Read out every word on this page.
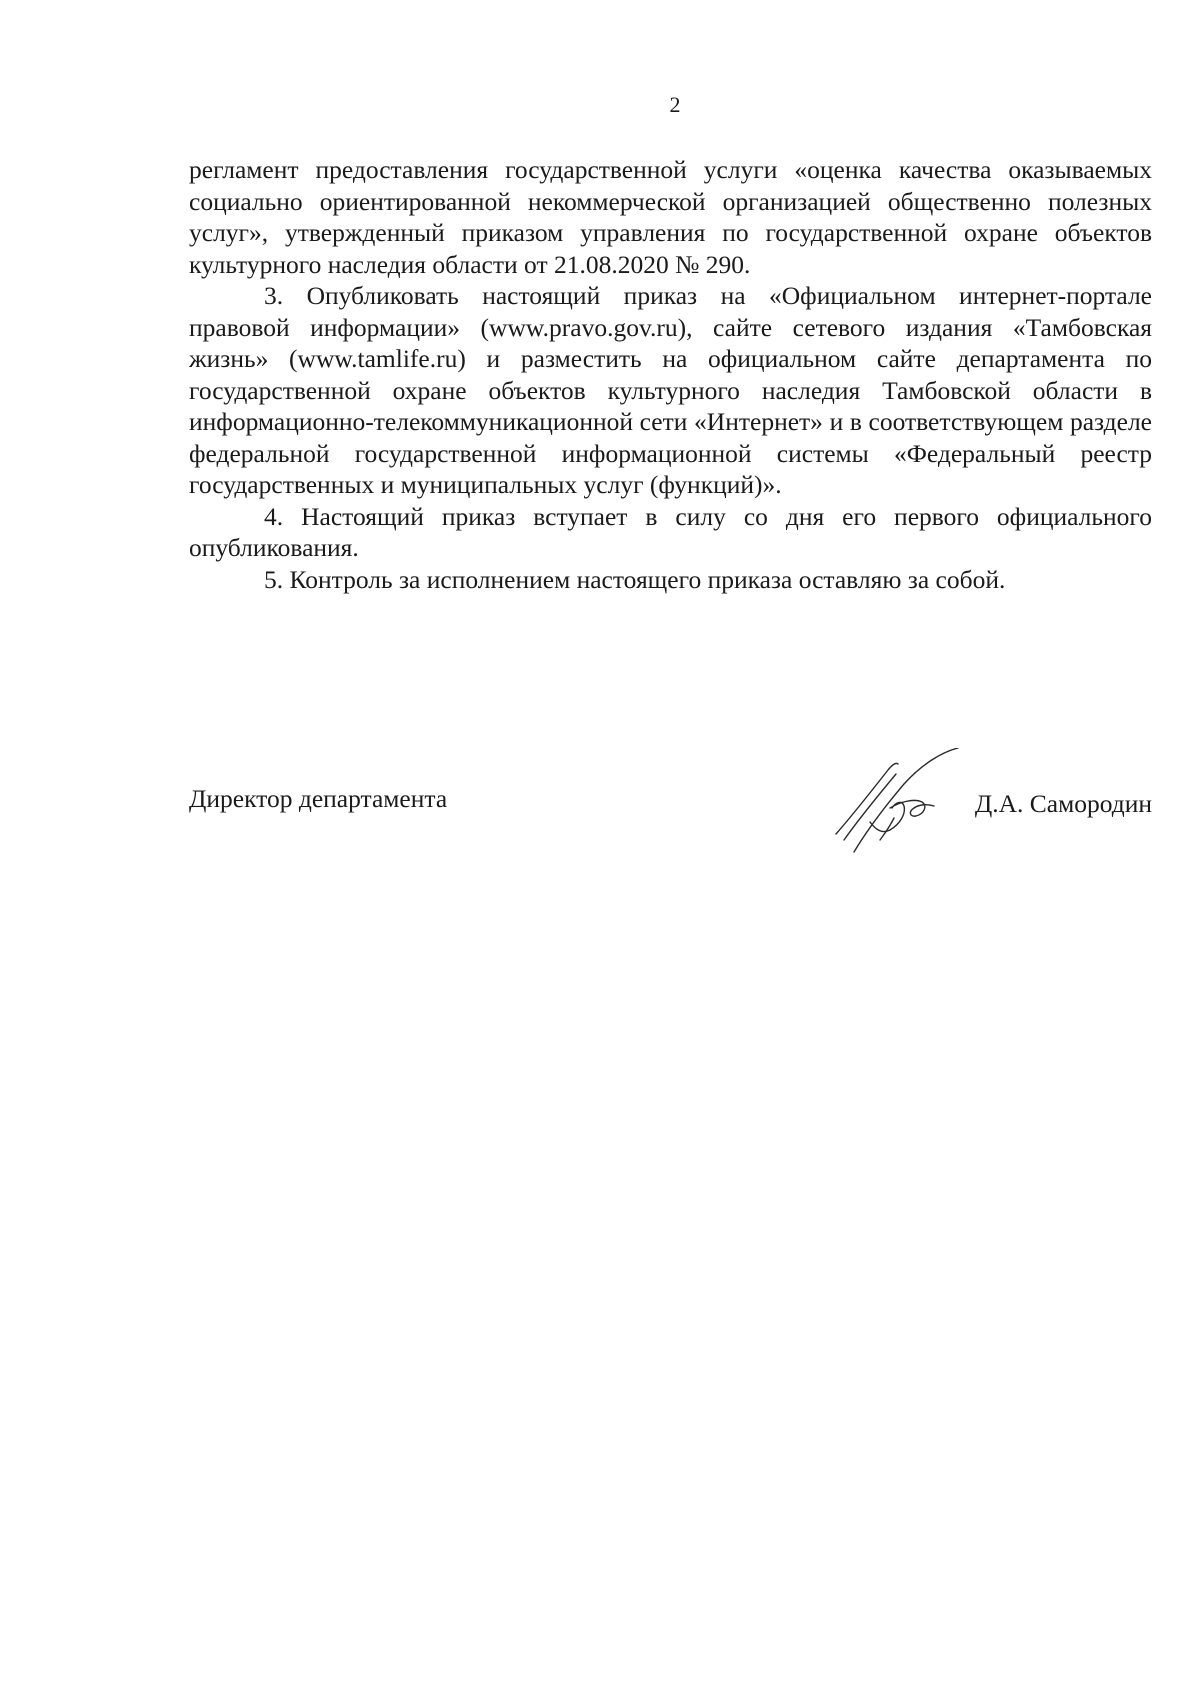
2

регламент предоставления государственной услуги «оценка качества оказываемых социально ориентированной некоммерческой организацией общественно полезных услуг», утвержденный приказом управления по государственной охране объектов культурного наследия области от 21.08.2020 № 290.

3. Опубликовать настоящий приказ на «Официальном интернет-портале правовой информации» (www.pravo.gov.ru), сайте сетевого издания «Тамбовская жизнь» (www.tamlife.ru) и разместить на официальном сайте департамента по государственной охране объектов культурного наследия Тамбовской области в информационно-телекоммуникационной сети «Интернет» и в соответствующем разделе федеральной государственной информационной системы «Федеральный реестр государственных и муниципальных услуг (функций)».

4. Настоящий приказ вступает в силу со дня его первого официального опубликования.

5. Контроль за исполнением настоящего приказа оставляю за собой.

Директор департамента	Д.А. Самородин
